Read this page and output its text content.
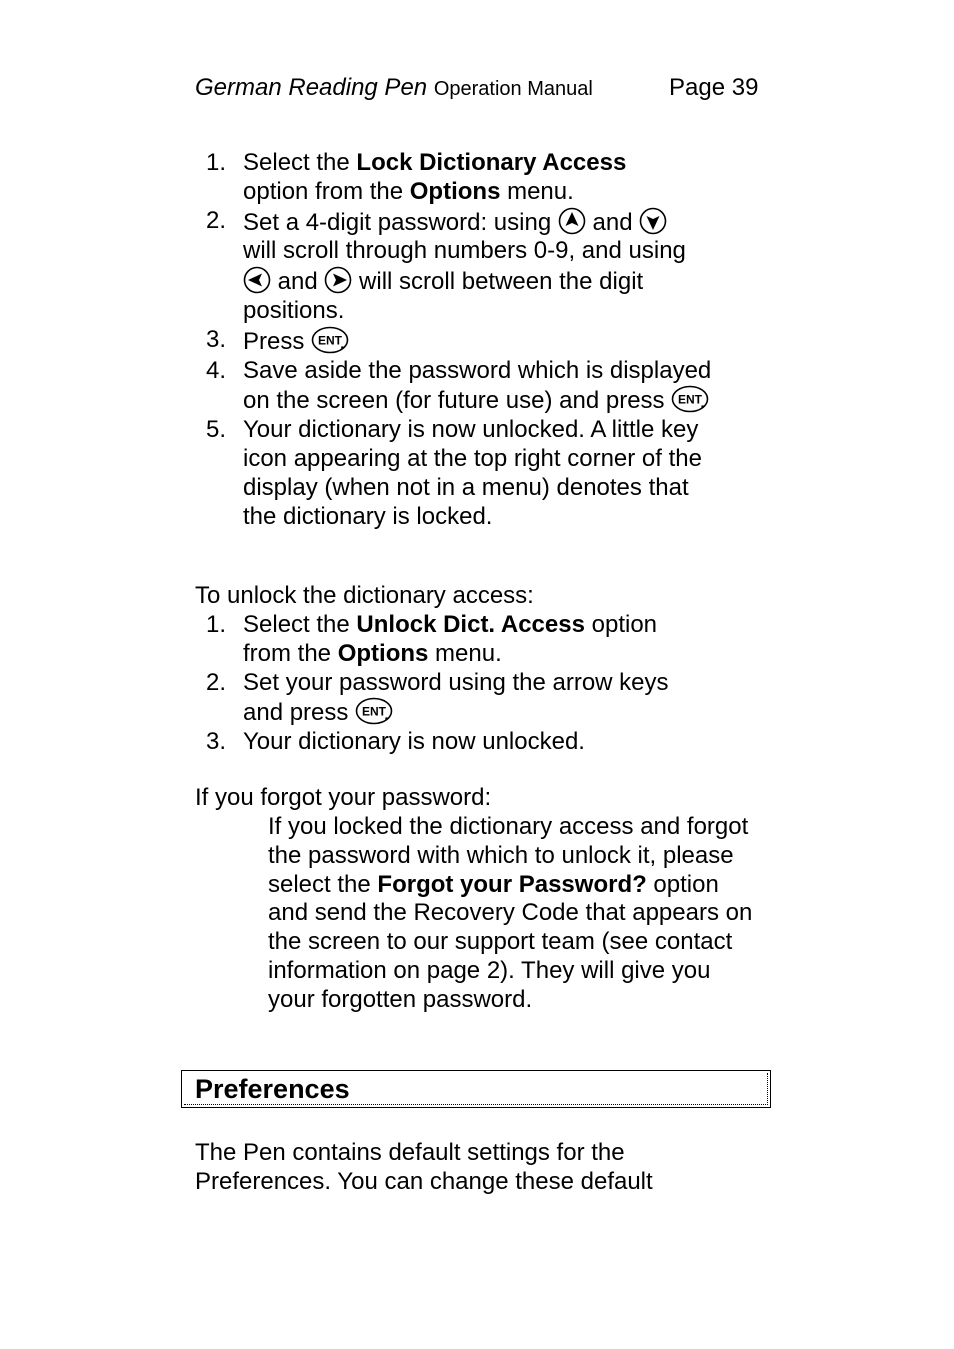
German Reading Pen Operation Manual	Page 39
1. Select the Lock Dictionary Access option from the Options menu.
2. Set a 4-digit password: using
and
will scroll through numbers 0-9, and using
and
will scroll between the digit positions.
3. Press ENT
.
4. Save aside the password which is displayed on the screen (for future use) and press ENT
.
5. Your dictionary is now unlocked. A little key icon appearing at the top right corner of the display (when not in a menu) denotes that the dictionary is locked.
To unlock the dictionary access:
1. Select the Unlock Dict. Access option from the Options menu.
2. Set your password using the arrow keys and press ENT
.
3. Your dictionary is now unlocked.
If you forgot your password:
If you locked the dictionary access and forgot the password with which to unlock it, please select the Forgot your Password? option and send the Recovery Code that appears on the screen to our support team (see contact information on page 2). They will give you your forgotten password.
Preferences
The Pen contains default settings for the Preferences. You can change these default
